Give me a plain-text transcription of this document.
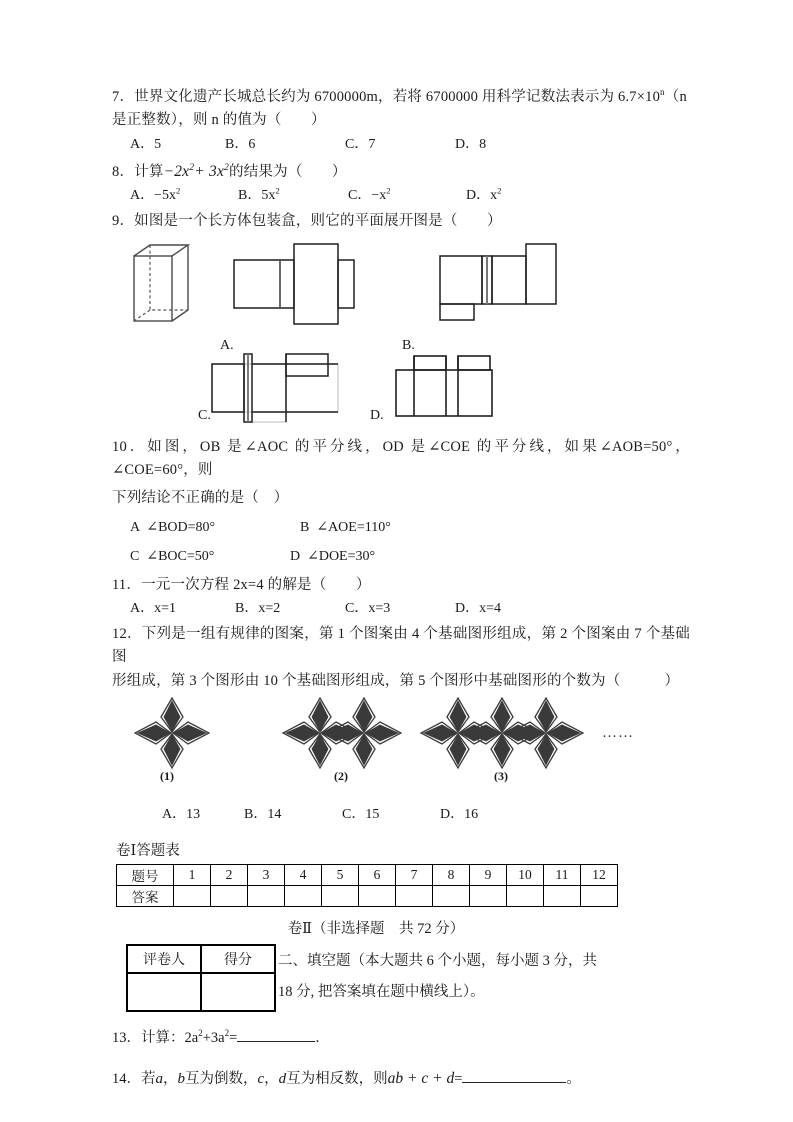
7．世界文化遗产长城总长约为 6700000m，若将 6700000 用科学记数法表示为 $6.7\times 10^n(n$
是正整数），则 n 的值为（　　）
A．5	B．6	C．7	D．8
8．计算$-2x^2+ 3x^2$的结果为（　　）
A．$-5x^2$	B．$5x^2$	C．$-x^2$	D．$x^2$
9．如图是一个长方体包装盒，则它的平面展开图是（　　）
A.	B.
C.	D.
10．如图，OB 是∠AOC 的平分线，OD 是∠COE 的平分线，如果∠AOB=50°，∠COE=60°，则
下列结论不正确的是（　）
A  ∠BOD=80°	B  ∠AOE=110°
C  ∠BOC=50°	D  ∠DOE=30°
11．一元一次方程 2x=4 的解是（　　）
A．x=1	B．x=2	C．x=3	D．x=4
12．下列是一组有规律的图案，第 1 个图案由 4 个基础图形组成，第 2 个图案由 7 个基础图
形组成，第 3 个图形由 10 个基础图形组成，第 5 个图形中基础图形的个数为（　　　）
……
(1)	(2)	(3)
A．13	B．14	C．15	D．16
卷Ⅰ答题表
题号	1	2	3	4	5	6	7	8	9	10	11	12
答案												
卷Ⅱ（非选择题　共 72 分）
评卷人	得分
	二、填空题（本大题共 6 个小题，每小题 3 分，共
18 分, 把答案填在题中横线上）。
13．计算：$2a^2+3a^2=$	．
14．若a，b互为倒数，c，d互为相反数，则ab + c + d=	。
